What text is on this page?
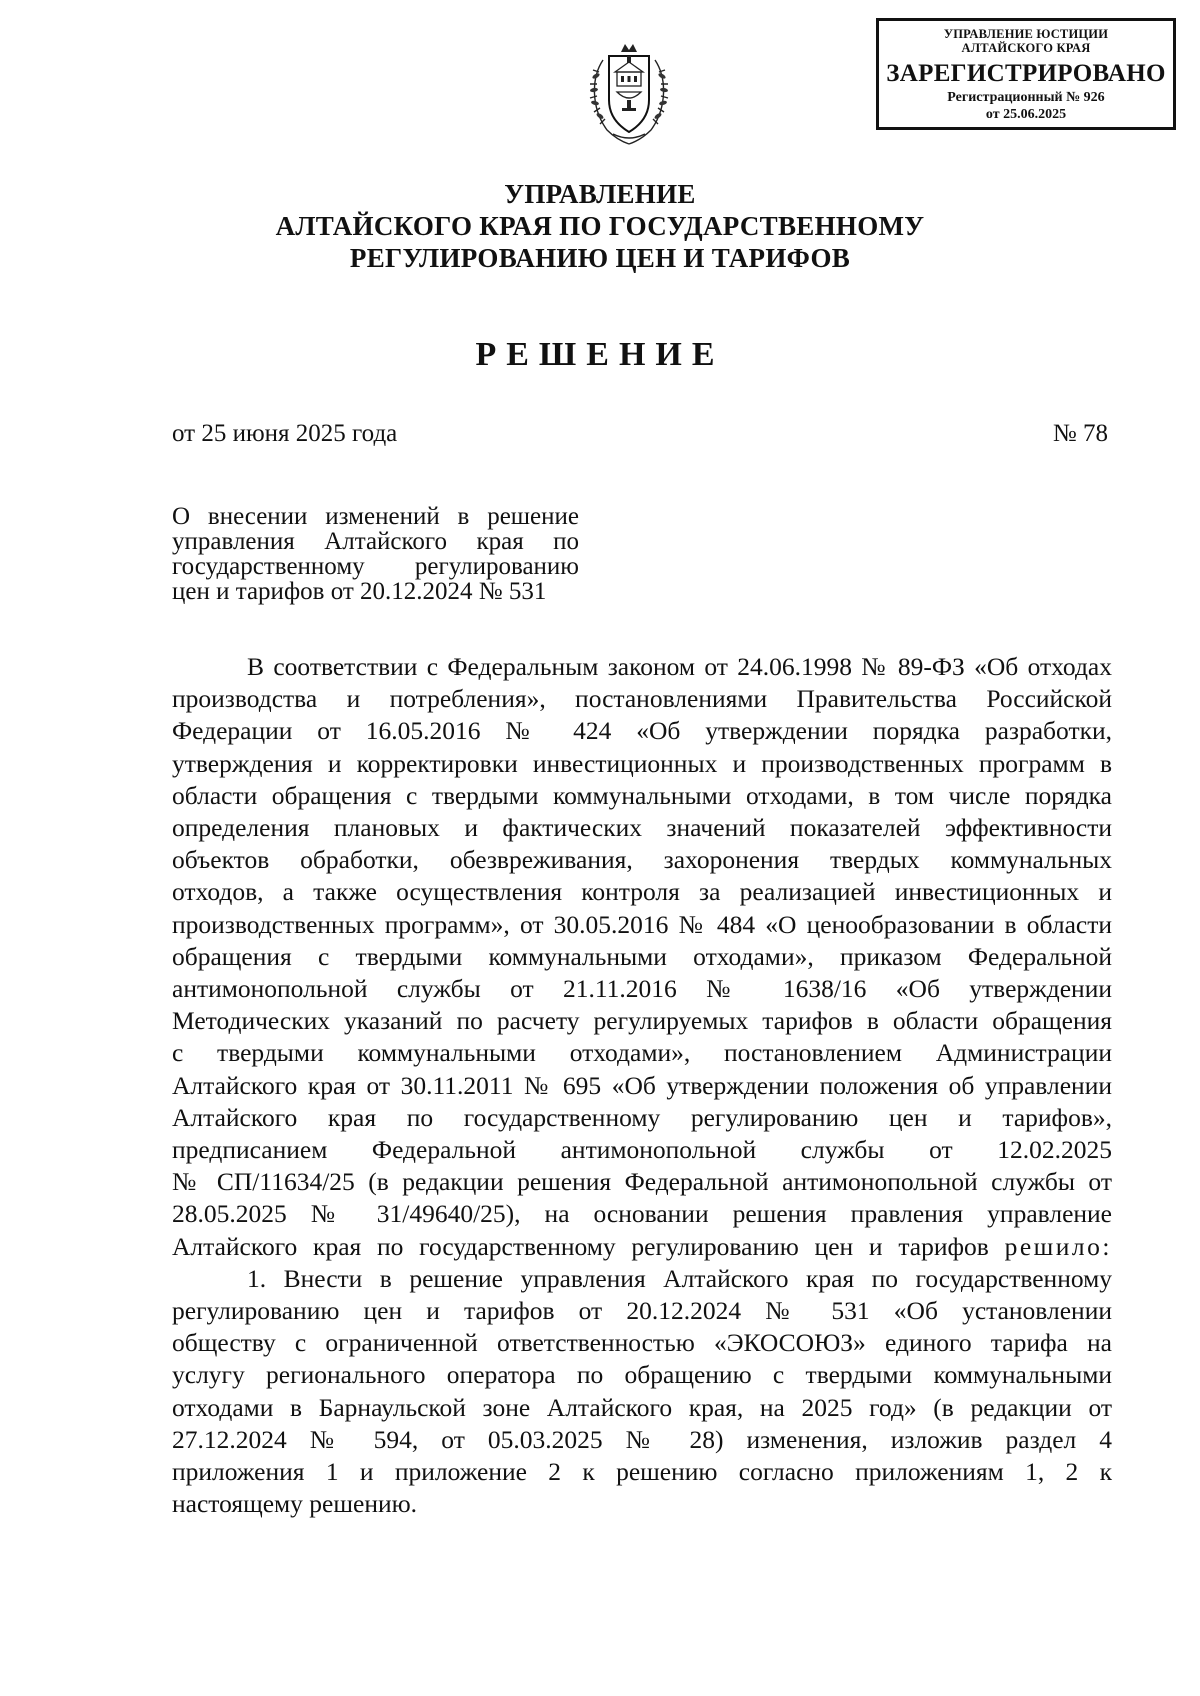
УПРАВЛЕНИЕ ЮСТИЦИИ
АЛТАЙСКОГО КРАЯ
ЗАРЕГИСТРИРОВАНО
Регистрационный № 926
от 25.06.2025
УПРАВЛЕНИЕ
АЛТАЙСКОГО КРАЯ ПО ГОСУДАРСТВЕННОМУ
РЕГУЛИРОВАНИЮ ЦЕН И ТАРИФОВ
РЕШЕНИЕ
от 25 июня 2025 года	№ 78
О внесении изменений в решение
управления Алтайского края по
государственному регулированию
цен и тарифов от 20.12.2024 № 531
В соответствии с Федеральным законом от 24.06.1998 № 89-ФЗ «Об отходах
производства и потребления», постановлениями Правительства Российской
Федерации от 16.05.2016 № 424 «Об утверждении порядка разработки,
утверждения и корректировки инвестиционных и производственных программ в
области обращения с твердыми коммунальными отходами, в том числе порядка
определения плановых и фактических значений показателей эффективности
объектов обработки, обезвреживания, захоронения твердых коммунальных
отходов, а также осуществления контроля за реализацией инвестиционных и
производственных программ», от 30.05.2016 № 484 «О ценообразовании в области
обращения с твердыми коммунальными отходами», приказом Федеральной
антимонопольной службы от 21.11.2016 № 1638/16 «Об утверждении
Методических указаний по расчету регулируемых тарифов в области обращения
с твердыми коммунальными отходами», постановлением Администрации
Алтайского края от 30.11.2011 № 695 «Об утверждении положения об управлении
Алтайского края по государственному регулированию цен и тарифов»,
предписанием Федеральной антимонопольной службы от 12.02.2025
№ СП/11634/25 (в редакции решения Федеральной антимонопольной службы от
28.05.2025 № 31/49640/25), на основании решения правления управление
Алтайского края по государственному регулированию цен и тарифов решило:
1. Внести в решение управления Алтайского края по государственному
регулированию цен и тарифов от 20.12.2024 № 531 «Об установлении
обществу с ограниченной ответственностью «ЭКОСОЮЗ» единого тарифа на
услугу регионального оператора по обращению с твердыми коммунальными
отходами в Барнаульской зоне Алтайского края, на 2025 год» (в редакции от
27.12.2024 № 594, от 05.03.2025 № 28) изменения, изложив раздел 4
приложения 1 и приложение 2 к решению согласно приложениям 1, 2 к
настоящему решению.
